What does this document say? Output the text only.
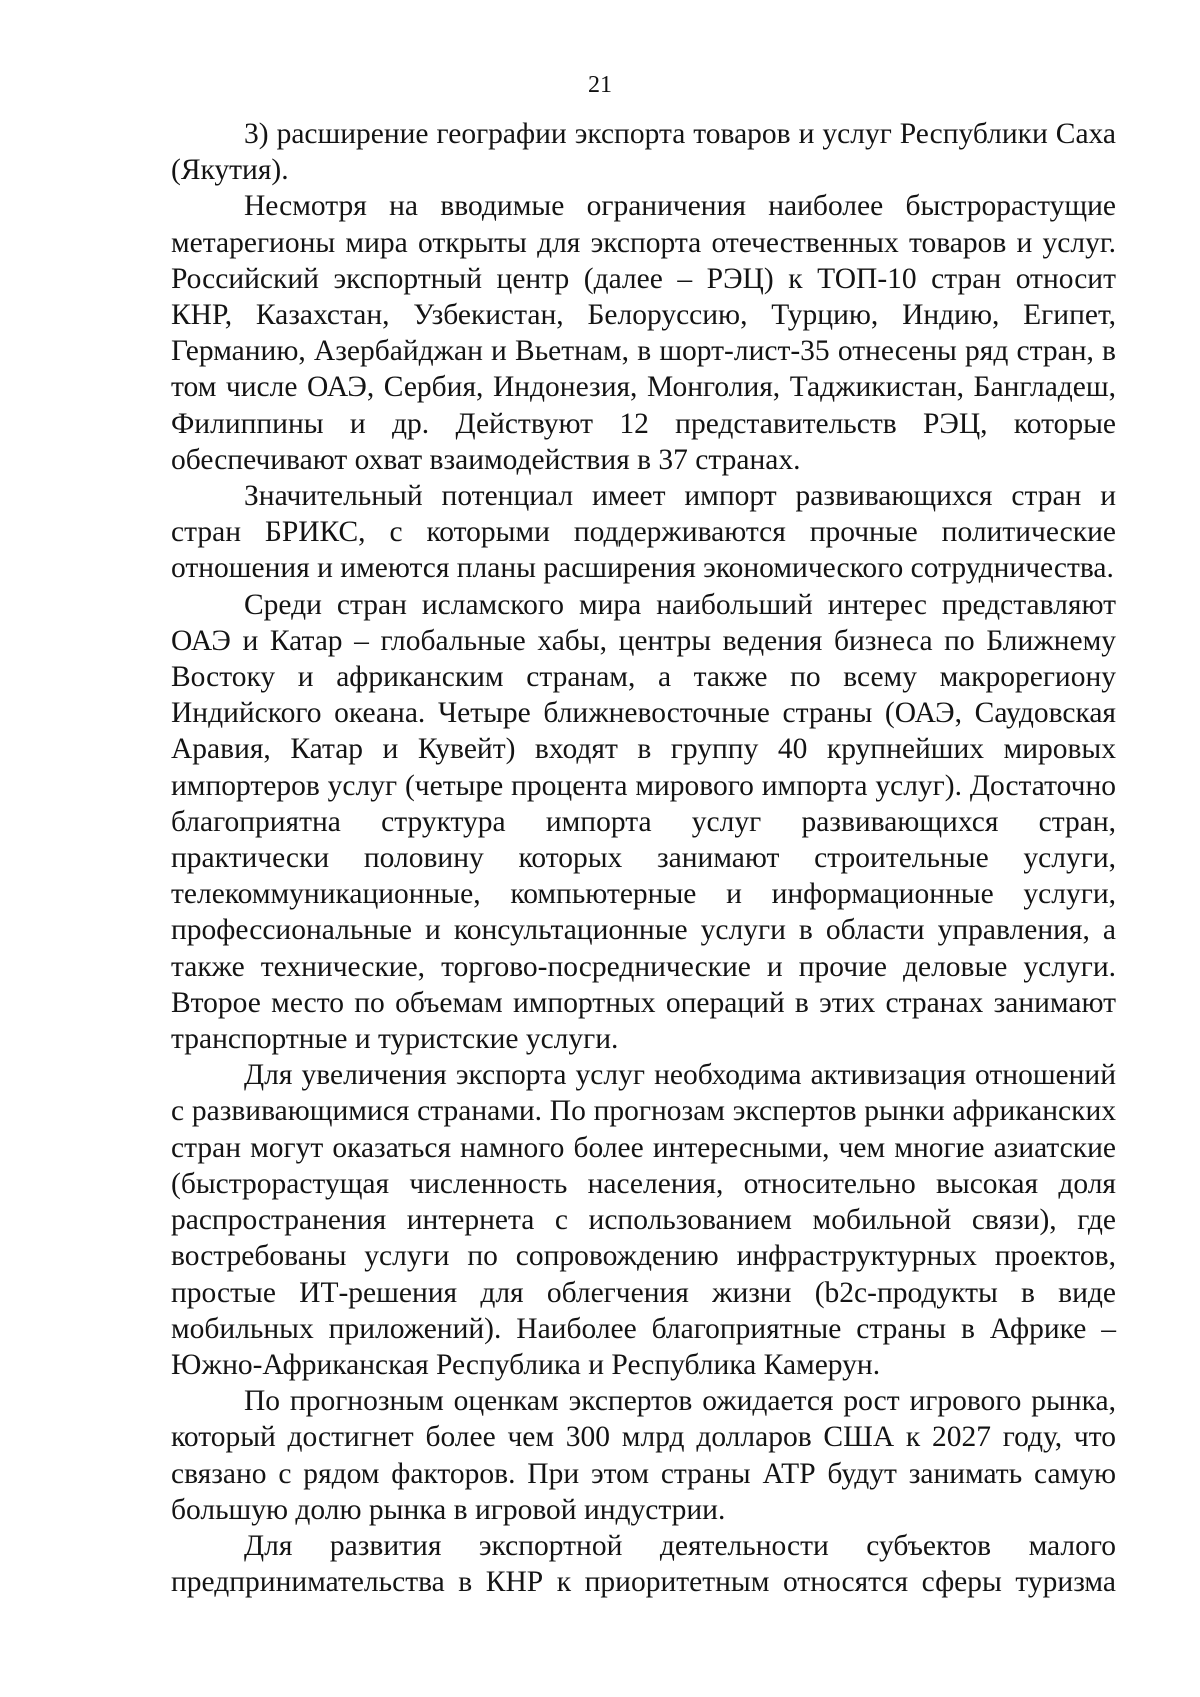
21

3) расширение географии экспорта товаров и услуг Республики Саха (Якутия).

Несмотря на вводимые ограничения наиболее быстрорастущие метарегионы мира открыты для экспорта отечественных товаров и услуг. Российский экспортный центр (далее – РЭЦ) к ТОП-10 стран относит КНР, Казахстан, Узбекистан, Белоруссию, Турцию, Индию, Египет, Германию, Азербайджан и Вьетнам, в шорт-лист-35 отнесены ряд стран, в том числе ОАЭ, Сербия, Индонезия, Монголия, Таджикистан, Бангладеш, Филиппины и др. Действуют 12 представительств РЭЦ, которые обеспечивают охват взаимодействия в 37 странах.

Значительный потенциал имеет импорт развивающихся стран и стран БРИКС, с которыми поддерживаются прочные политические отношения и имеются планы расширения экономического сотрудничества.

Среди стран исламского мира наибольший интерес представляют ОАЭ и Катар – глобальные хабы, центры ведения бизнеса по Ближнему Востоку и африканским странам, а также по всему макрорегиону Индийского океана. Четыре ближневосточные страны (ОАЭ, Саудовская Аравия, Катар и Кувейт) входят в группу 40 крупнейших мировых импортеров услуг (четыре процента мирового импорта услуг). Достаточно благоприятна структура импорта услуг развивающихся стран, практически половину которых занимают строительные услуги, телекоммуникационные, компьютерные и информационные услуги, профессиональные и консультационные услуги в области управления, а также технические, торгово-посреднические и прочие деловые услуги. Второе место по объемам импортных операций в этих странах занимают транспортные и туристские услуги.

Для увеличения экспорта услуг необходима активизация отношений с развивающимися странами. По прогнозам экспертов рынки африканских стран могут оказаться намного более интересными, чем многие азиатские (быстрорастущая численность населения, относительно высокая доля распространения интернета с использованием мобильной связи), где востребованы услуги по сопровождению инфраструктурных проектов, простые ИТ-решения для облегчения жизни (b2c-продукты в виде мобильных приложений). Наиболее благоприятные страны в Африке – Южно-Африканская Республика и Республика Камерун.

По прогнозным оценкам экспертов ожидается рост игрового рынка, который достигнет более чем 300 млрд долларов США к 2027 году, что связано с рядом факторов. При этом страны АТР будут занимать самую большую долю рынка в игровой индустрии.

Для развития экспортной деятельности субъектов малого предпринимательства в КНР к приоритетным относятся сферы туризма
